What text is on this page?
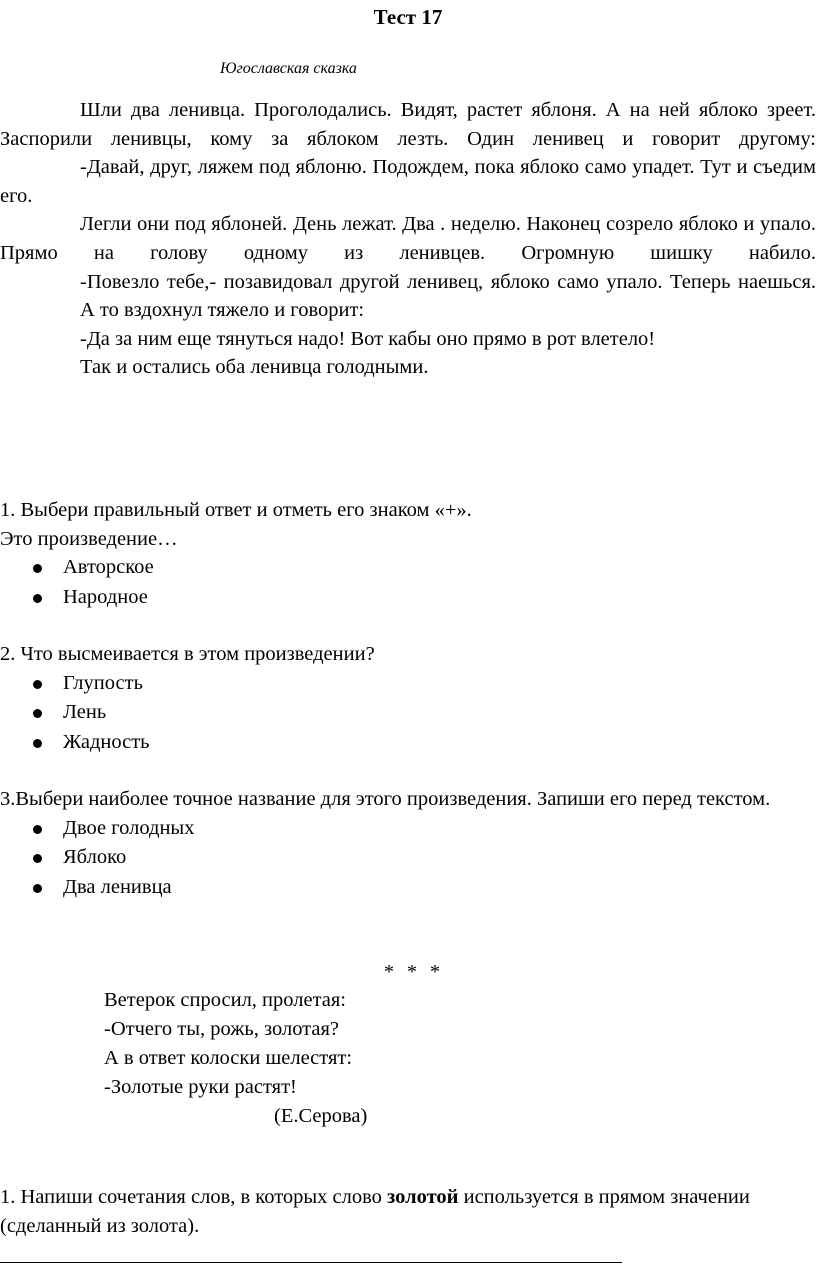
Тест 17
Югославская сказка

Шли два ленивца. Проголодались. Видят, растет яблоня. А на ней яблоко зреет. Заспорили ленивцы, кому за яблоком лезть. Один ленивец и говорит другому:

-Давай, друг, ляжем под яблоню. Подождем, пока яблоко само упадет. Тут и съедим его.

Легли они под яблоней. День лежат. Два . неделю. Наконец созрело яблоко и упало. Прямо на голову одному из ленивцев. Огромную шишку набило.

-Повезло тебе,- позавидовал другой ленивец, яблоко само упало. Теперь наешься.

А то вздохнул тяжело и говорит:

-Да за ним еще тянуться надо! Вот кабы оно прямо в рот влетело!

Так и остались оба ленивца голодными.

1. Выбери правильный ответ и отметь его знаком «+».
Это произведение…
Авторское
Народное
2. Что высмеивается в этом произведении?
Глупость
Лень
Жадность
3.Выбери наиболее точное название для этого произведения. Запиши его перед текстом.
Двое голодных
Яблоко
Два ленивца
* * *
Ветерок спросил, пролетая:
-Отчего ты, рожь, золотая?
А в ответ колоски шелестят:
-Золотые руки растят!
(Е.Серова)
1. Напиши сочетания слов, в которых слово золотой используется в прямом значении (сделанный из золота).
